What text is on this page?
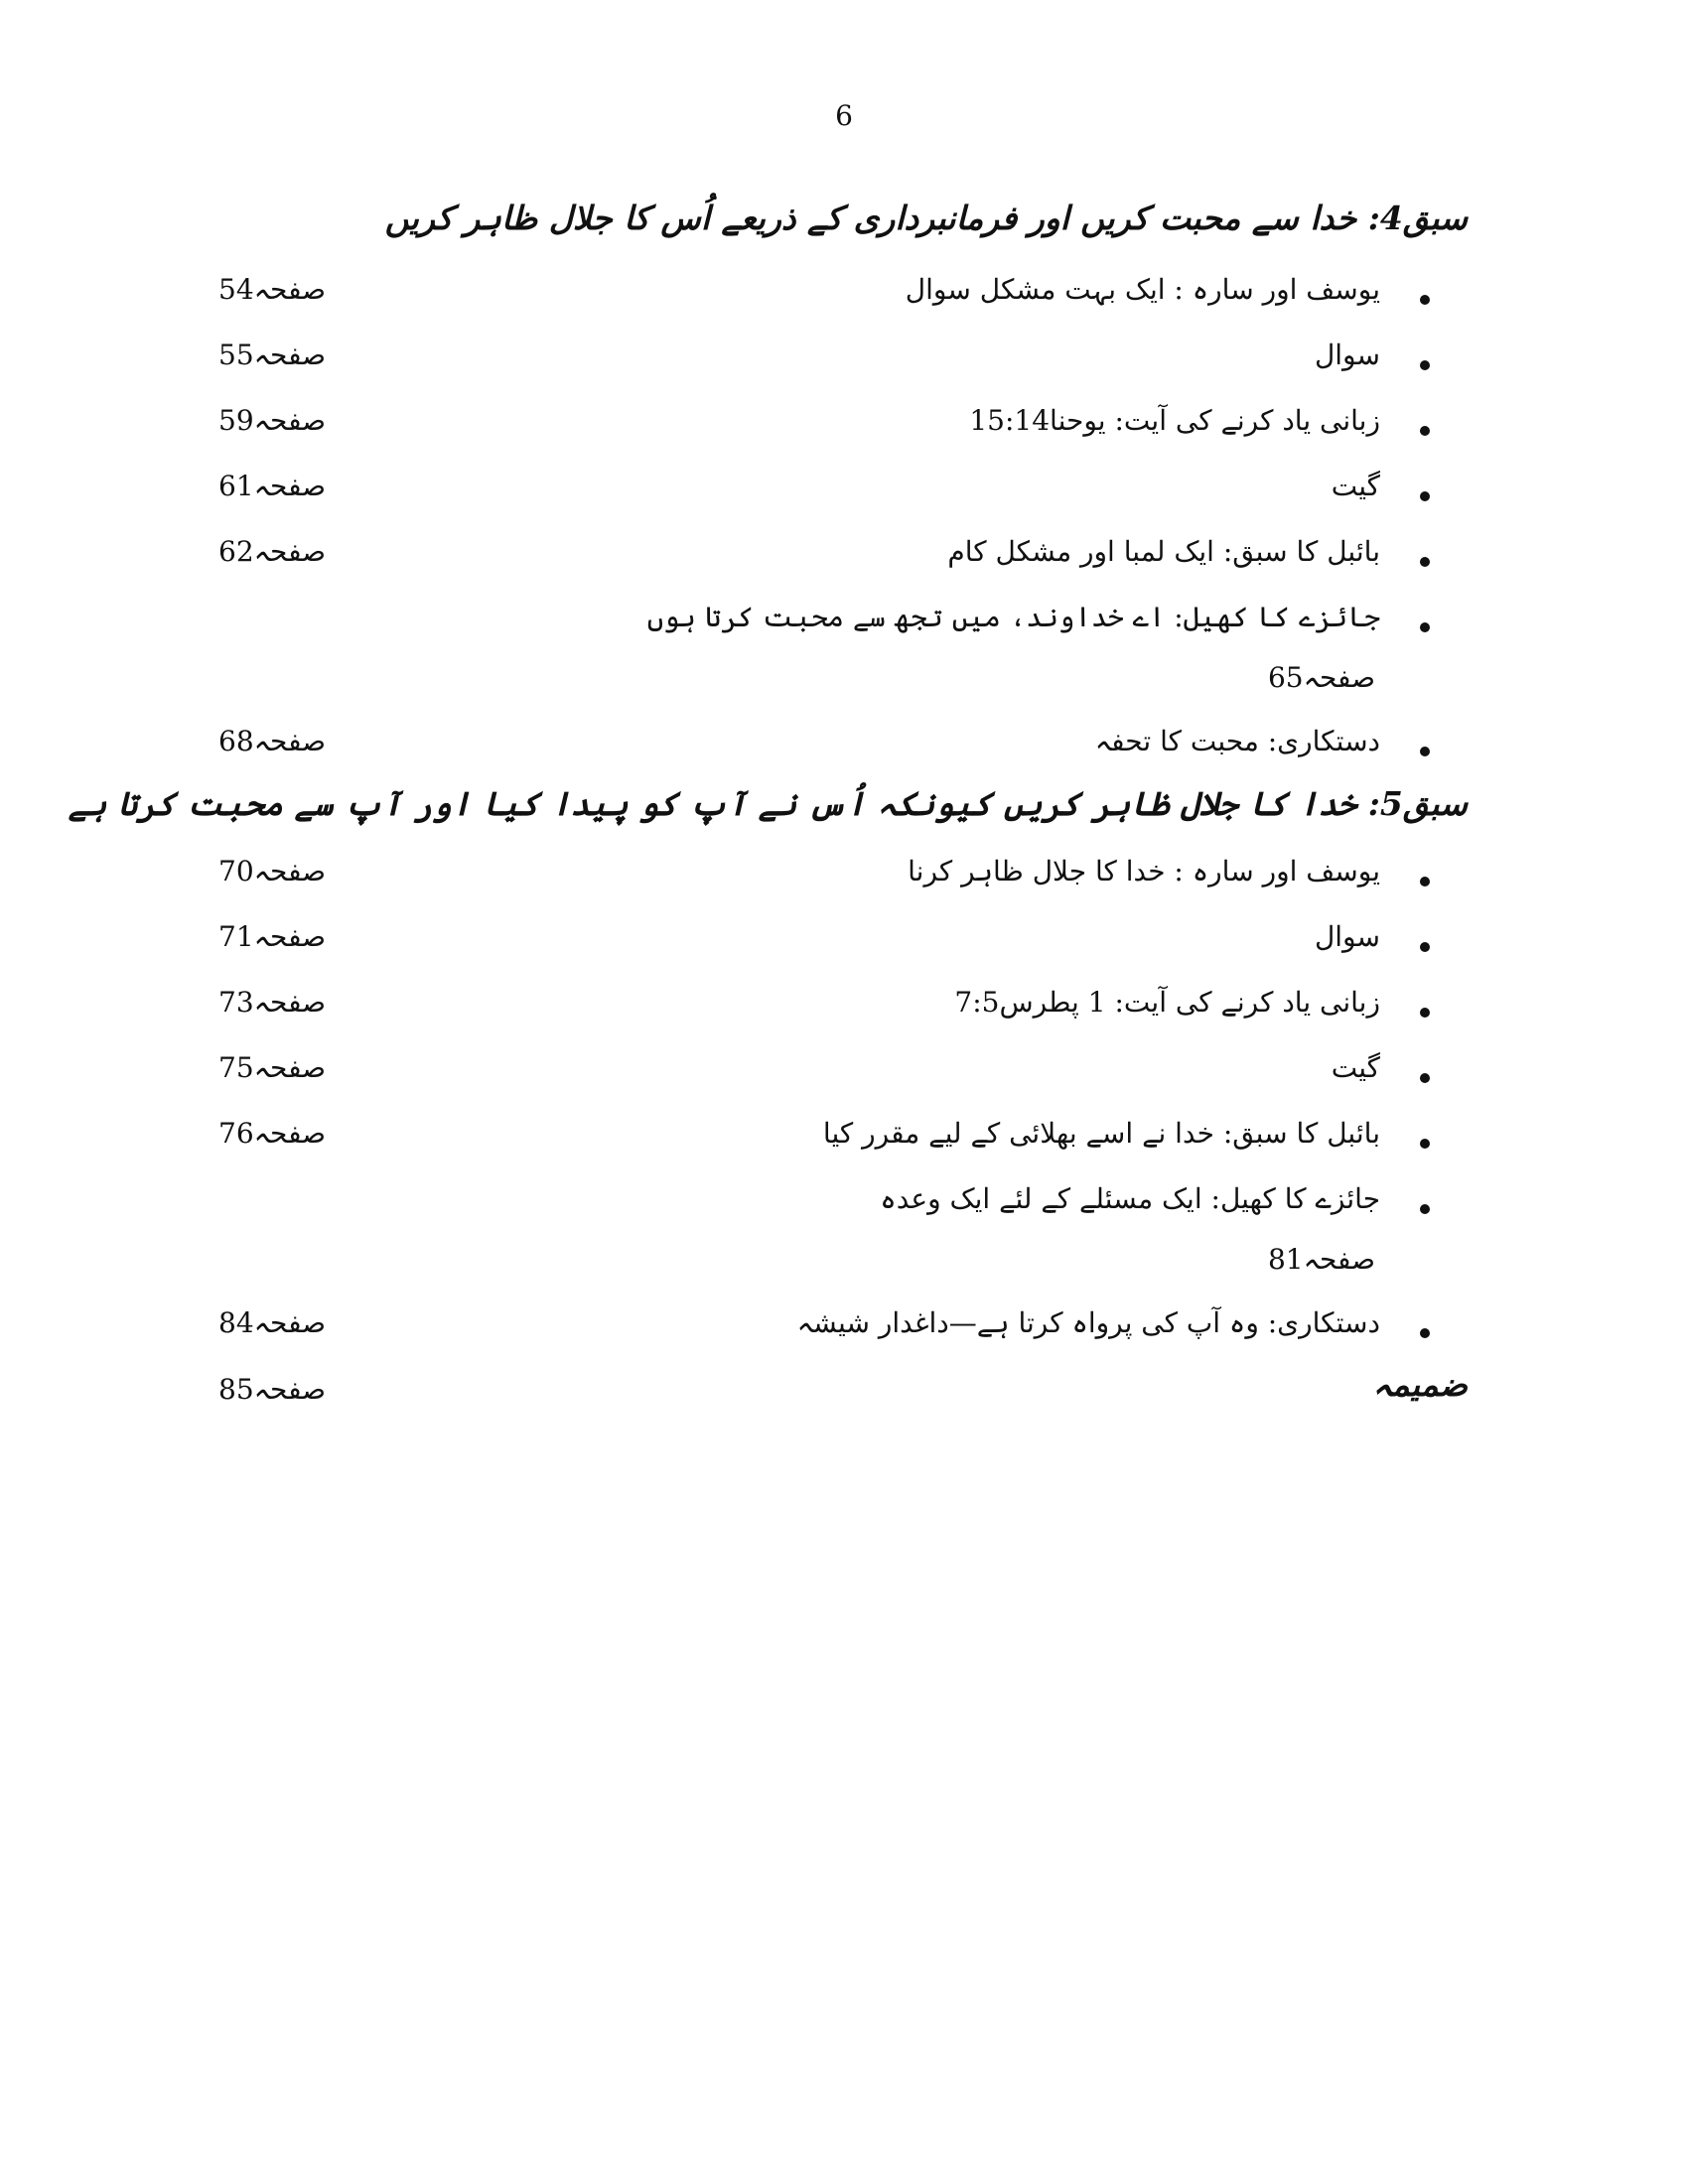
6
سبق4: خدا سے محبت کریں اور فرمانبرداری کے ذریعے اُس کا جلال ظاہر کریں
یوسف اور سارہ : ایک بہت مشکل سوال
صفحہ54
سوال
صفحہ55
زبانی یاد کرنے کی آیت: یوحنا15:14
صفحہ59
گیت
صفحہ61
بائبل کا سبق: ایک لمبا اور مشکل کام
صفحہ62
جائزے کا کھیل: اے خداوند، میں تجھ سے محبت کرتا ہوں
صفحہ65
دستکاری: محبت کا تحفہ
صفحہ68
سبق5: خدا کا جلال ظاہر کریں کیونکہ اُس نے آپ کو پیدا کیا اور آپ سے محبت کرتا ہے
یوسف اور سارہ : خدا کا جلال ظاہر کرنا
صفحہ70
سوال
صفحہ71
زبانی یاد کرنے کی آیت: 1 پطرس7:5
صفحہ73
گیت
صفحہ75
بائبل کا سبق: خدا نے اسے بھلائی کے لیے مقرر کیا
صفحہ76
جائزے کا کھیل: ایک مسئلے کے لئے ایک وعدہ
صفحہ81
دستکاری: وہ آپ کی پرواہ کرتا ہے—داغدار شیشہ
صفحہ84
ضمیمہ
صفحہ85
